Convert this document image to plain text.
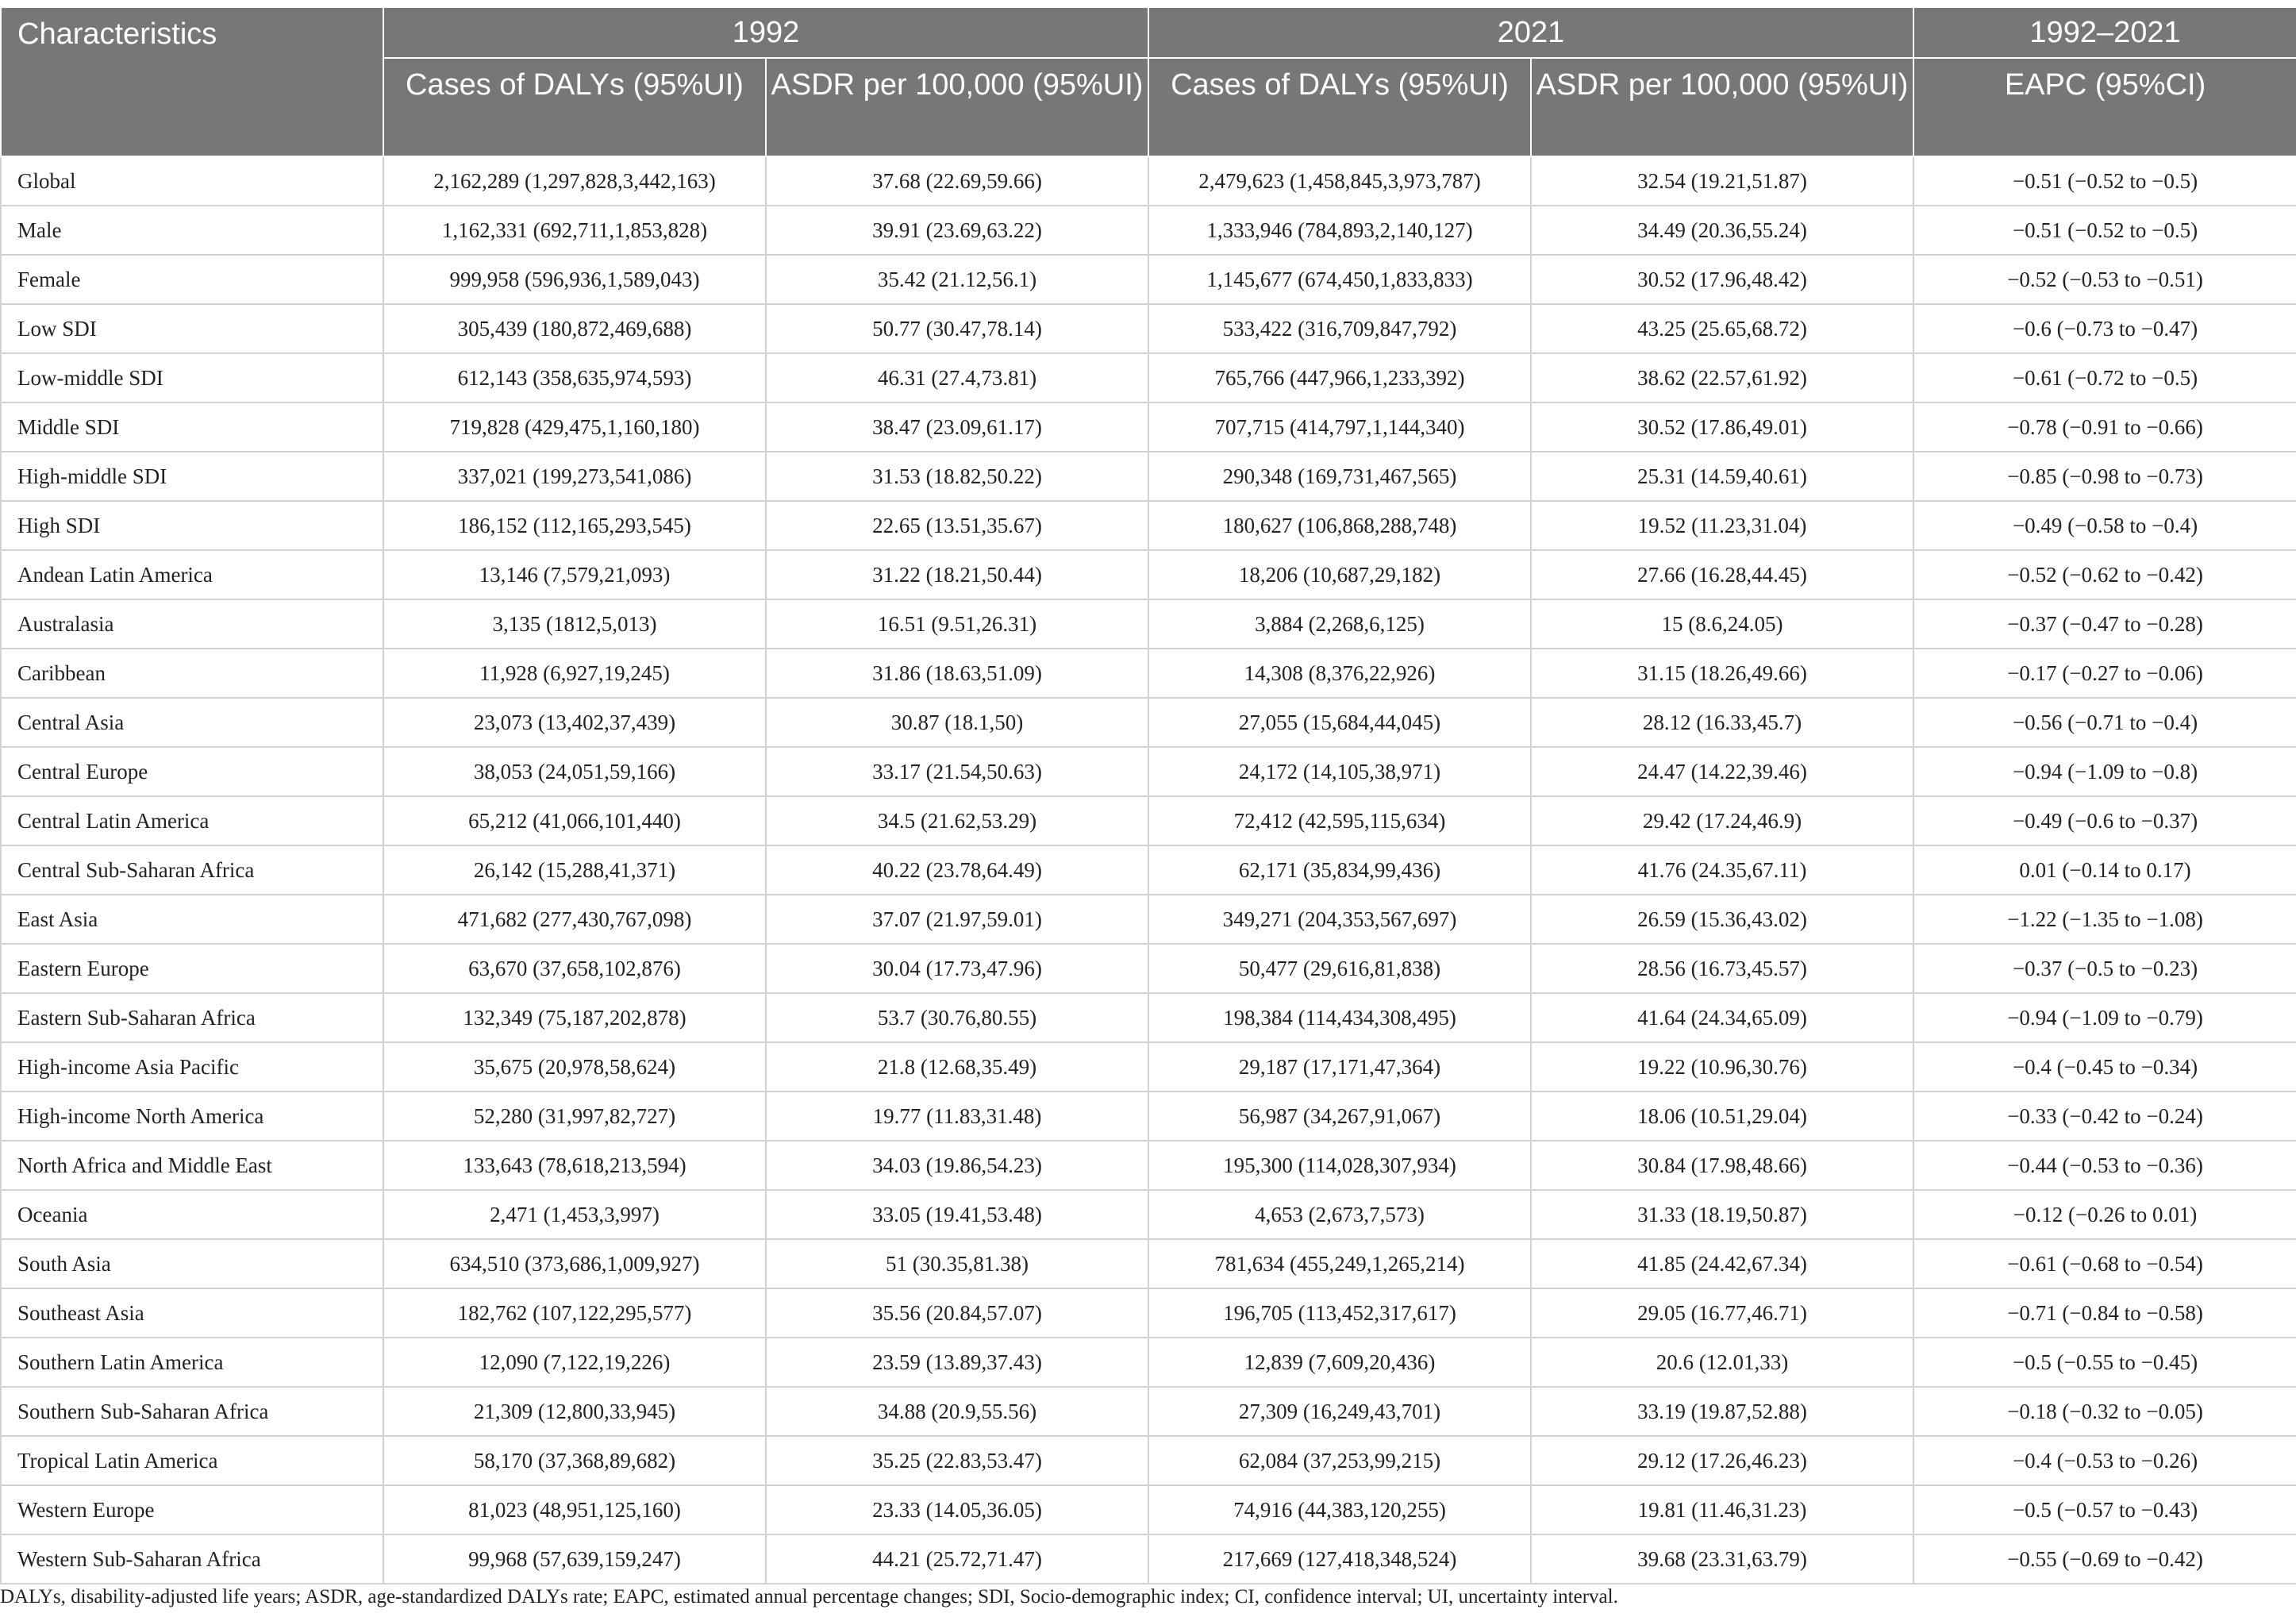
Characteristics	1992		2021		1992–2021
	Cases of DALYs (95%UI)	ASDR per 100,000 (95%UI)	Cases of DALYs (95%UI)	ASDR per 100,000 (95%UI)	EAPC (95%CI)
Global	2,162,289 (1,297,828,3,442,163)	37.68 (22.69,59.66)	2,479,623 (1,458,845,3,973,787)	32.54 (19.21,51.87)	−0.51 (−0.52 to −0.5)
Male	1,162,331 (692,711,1,853,828)	39.91 (23.69,63.22)	1,333,946 (784,893,2,140,127)	34.49 (20.36,55.24)	−0.51 (−0.52 to −0.5)
Female	999,958 (596,936,1,589,043)	35.42 (21.12,56.1)	1,145,677 (674,450,1,833,833)	30.52 (17.96,48.42)	−0.52 (−0.53 to −0.51)
Low SDI	305,439 (180,872,469,688)	50.77 (30.47,78.14)	533,422 (316,709,847,792)	43.25 (25.65,68.72)	−0.6 (−0.73 to −0.47)
Low-middle SDI	612,143 (358,635,974,593)	46.31 (27.4,73.81)	765,766 (447,966,1,233,392)	38.62 (22.57,61.92)	−0.61 (−0.72 to −0.5)
Middle SDI	719,828 (429,475,1,160,180)	38.47 (23.09,61.17)	707,715 (414,797,1,144,340)	30.52 (17.86,49.01)	−0.78 (−0.91 to −0.66)
High-middle SDI	337,021 (199,273,541,086)	31.53 (18.82,50.22)	290,348 (169,731,467,565)	25.31 (14.59,40.61)	−0.85 (−0.98 to −0.73)
High SDI	186,152 (112,165,293,545)	22.65 (13.51,35.67)	180,627 (106,868,288,748)	19.52 (11.23,31.04)	−0.49 (−0.58 to −0.4)
Andean Latin America	13,146 (7,579,21,093)	31.22 (18.21,50.44)	18,206 (10,687,29,182)	27.66 (16.28,44.45)	−0.52 (−0.62 to −0.42)
Australasia	3,135 (1812,5,013)	16.51 (9.51,26.31)	3,884 (2,268,6,125)	15 (8.6,24.05)	−0.37 (−0.47 to −0.28)
Caribbean	11,928 (6,927,19,245)	31.86 (18.63,51.09)	14,308 (8,376,22,926)	31.15 (18.26,49.66)	−0.17 (−0.27 to −0.06)
Central Asia	23,073 (13,402,37,439)	30.87 (18.1,50)	27,055 (15,684,44,045)	28.12 (16.33,45.7)	−0.56 (−0.71 to −0.4)
Central Europe	38,053 (24,051,59,166)	33.17 (21.54,50.63)	24,172 (14,105,38,971)	24.47 (14.22,39.46)	−0.94 (−1.09 to −0.8)
Central Latin America	65,212 (41,066,101,440)	34.5 (21.62,53.29)	72,412 (42,595,115,634)	29.42 (17.24,46.9)	−0.49 (−0.6 to −0.37)
Central Sub-Saharan Africa	26,142 (15,288,41,371)	40.22 (23.78,64.49)	62,171 (35,834,99,436)	41.76 (24.35,67.11)	0.01 (−0.14 to 0.17)
East Asia	471,682 (277,430,767,098)	37.07 (21.97,59.01)	349,271 (204,353,567,697)	26.59 (15.36,43.02)	−1.22 (−1.35 to −1.08)
Eastern Europe	63,670 (37,658,102,876)	30.04 (17.73,47.96)	50,477 (29,616,81,838)	28.56 (16.73,45.57)	−0.37 (−0.5 to −0.23)
Eastern Sub-Saharan Africa	132,349 (75,187,202,878)	53.7 (30.76,80.55)	198,384 (114,434,308,495)	41.64 (24.34,65.09)	−0.94 (−1.09 to −0.79)
High-income Asia Pacific	35,675 (20,978,58,624)	21.8 (12.68,35.49)	29,187 (17,171,47,364)	19.22 (10.96,30.76)	−0.4 (−0.45 to −0.34)
High-income North America	52,280 (31,997,82,727)	19.77 (11.83,31.48)	56,987 (34,267,91,067)	18.06 (10.51,29.04)	−0.33 (−0.42 to −0.24)
North Africa and Middle East	133,643 (78,618,213,594)	34.03 (19.86,54.23)	195,300 (114,028,307,934)	30.84 (17.98,48.66)	−0.44 (−0.53 to −0.36)
Oceania	2,471 (1,453,3,997)	33.05 (19.41,53.48)	4,653 (2,673,7,573)	31.33 (18.19,50.87)	−0.12 (−0.26 to 0.01)
South Asia	634,510 (373,686,1,009,927)	51 (30.35,81.38)	781,634 (455,249,1,265,214)	41.85 (24.42,67.34)	−0.61 (−0.68 to −0.54)
Southeast Asia	182,762 (107,122,295,577)	35.56 (20.84,57.07)	196,705 (113,452,317,617)	29.05 (16.77,46.71)	−0.71 (−0.84 to −0.58)
Southern Latin America	12,090 (7,122,19,226)	23.59 (13.89,37.43)	12,839 (7,609,20,436)	20.6 (12.01,33)	−0.5 (−0.55 to −0.45)
Southern Sub-Saharan Africa	21,309 (12,800,33,945)	34.88 (20.9,55.56)	27,309 (16,249,43,701)	33.19 (19.87,52.88)	−0.18 (−0.32 to −0.05)
Tropical Latin America	58,170 (37,368,89,682)	35.25 (22.83,53.47)	62,084 (37,253,99,215)	29.12 (17.26,46.23)	−0.4 (−0.53 to −0.26)
Western Europe	81,023 (48,951,125,160)	23.33 (14.05,36.05)	74,916 (44,383,120,255)	19.81 (11.46,31.23)	−0.5 (−0.57 to −0.43)
Western Sub-Saharan Africa	99,968 (57,639,159,247)	44.21 (25.72,71.47)	217,669 (127,418,348,524)	39.68 (23.31,63.79)	−0.55 (−0.69 to −0.42)
DALYs, disability-adjusted life years; ASDR, age-standardized DALYs rate; EAPC, estimated annual percentage changes; SDI, Socio-demographic index; CI, confidence interval; UI, uncertainty interval.
